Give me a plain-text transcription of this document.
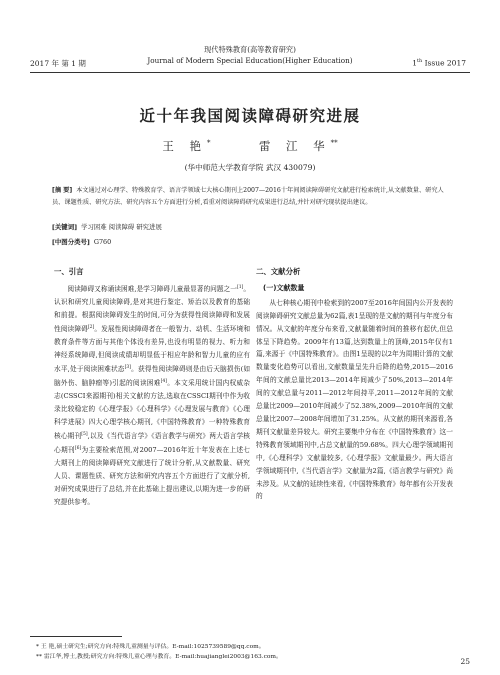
2017 年 第 1 期
现代特殊教育(高等教育研究)
Journal of Modern Special Education(Higher Education)	1th Issue 2017
近十年我国阅读障碍研究进展
王 艳*	雷 江 华**
(华中师范大学教育学院 武汉 430079)
[摘 要] 本文通过对心理学、特殊教育学、语言学领域七大核心期刊上2007—2016十年间阅读障碍研究文献进行检索统计,从文献数量、研究人员、课题性质、研究方法、研究内容五个方面进行分析,看重对阅读障碍研究成果进行总结,并针对研究现状提出建议。
[关键词] 学习困难 阅读障碍 研究进展
[中图分类号] G760
一、引言

阅读障碍又称诵读困难,是学习障碍儿童最显著的问题之一[1]。认识和研究儿童阅读障碍,是对其进行鉴定、矫治以及教育的基础和前提。根据阅读障碍发生的时间,可分为获得性阅读障碍和发展性阅读障碍[2]。发展性阅读障碍者在一般智力、动机、生活环境和教育条件等方面与其他个体没有差异,也没有明显的视力、听力和神经系统障碍,但阅读成绩却明显低于相应年龄和智力儿童的应有水平,处于阅读困难状态[3]。获得性阅读障碍则是由后天脑损伤(如脑外伤、脑肿瘤等)引起的阅读困难[4]。本文采用统计国内权威杂志(CSSCI来源期刊)相关文献的方法,选取在CSSCI期刊中作为收录比较稳定的《心理学报》《心理科学》《心理发展与教育》《心理科学进展》四大心理学核心期刊,《中国特殊教育》一种特殊教育核心期刊[5],以及《当代语言学》《语言教学与研究》两大语言学核心期刊[6]为主要检索范围,对2007—2016年近十年发表在上述七大期刊上的阅读障碍研究文献进行了统计分析,从文献数量、研究人员、课题性质、研究方法和研究内容五个方面进行了文献分析,对研究成果进行了总结,并在此基础上提出建议,以期为进一步的研究提供参考。

二、文献分析
(一)文献数量

从七种核心期刊中检索到的2007至2016年间国内公开发表的阅读障碍研究文献总量为62篇,表1呈现的是文献的期刊与年度分布情况。从文献的年度分布来看,文献量随着时间的推移有起伏,但总体呈下降趋势。2009年有13篇,达到数量上的顶峰,2015年仅有1篇,来源于《中国特殊教育》。由图1呈现的以2年为周期计算的文献数量变化趋势可以看出,文献数量呈先升后降的趋势,2015—2016年间的文献总量比2013—2014年间减少了50%,2013—2014年间的文献总量与2011—2012年间持平,2011—2012年间的文献总量比2009—2010年间减少了52.38%,2009—2010年间的文献总量比2007—2008年间增加了31.25%。从文献的期刊来源看,各期刊文献量差异较大。研究主要集中分布在《中国特殊教育》这一特殊教育领域期刊中,占总文献量的59.68%。四大心理学领域期刊中,《心理科学》文献量较多,《心理学报》文献量最少。两大语言学领域期刊中,《当代语言学》文献量为2篇,《语言教学与研究》尚未涉及。从文献的延续性来看,《中国特殊教育》每年都有公开发表的

* 王 艳,硕士研究生;研究方向:特殊儿童测量与评估。E-mail:1025739589@qq.com。
** 雷江华,博士,教授;研究方向:特殊儿童心理与教育。E-mail:huajianglei2003@163.com。	25
